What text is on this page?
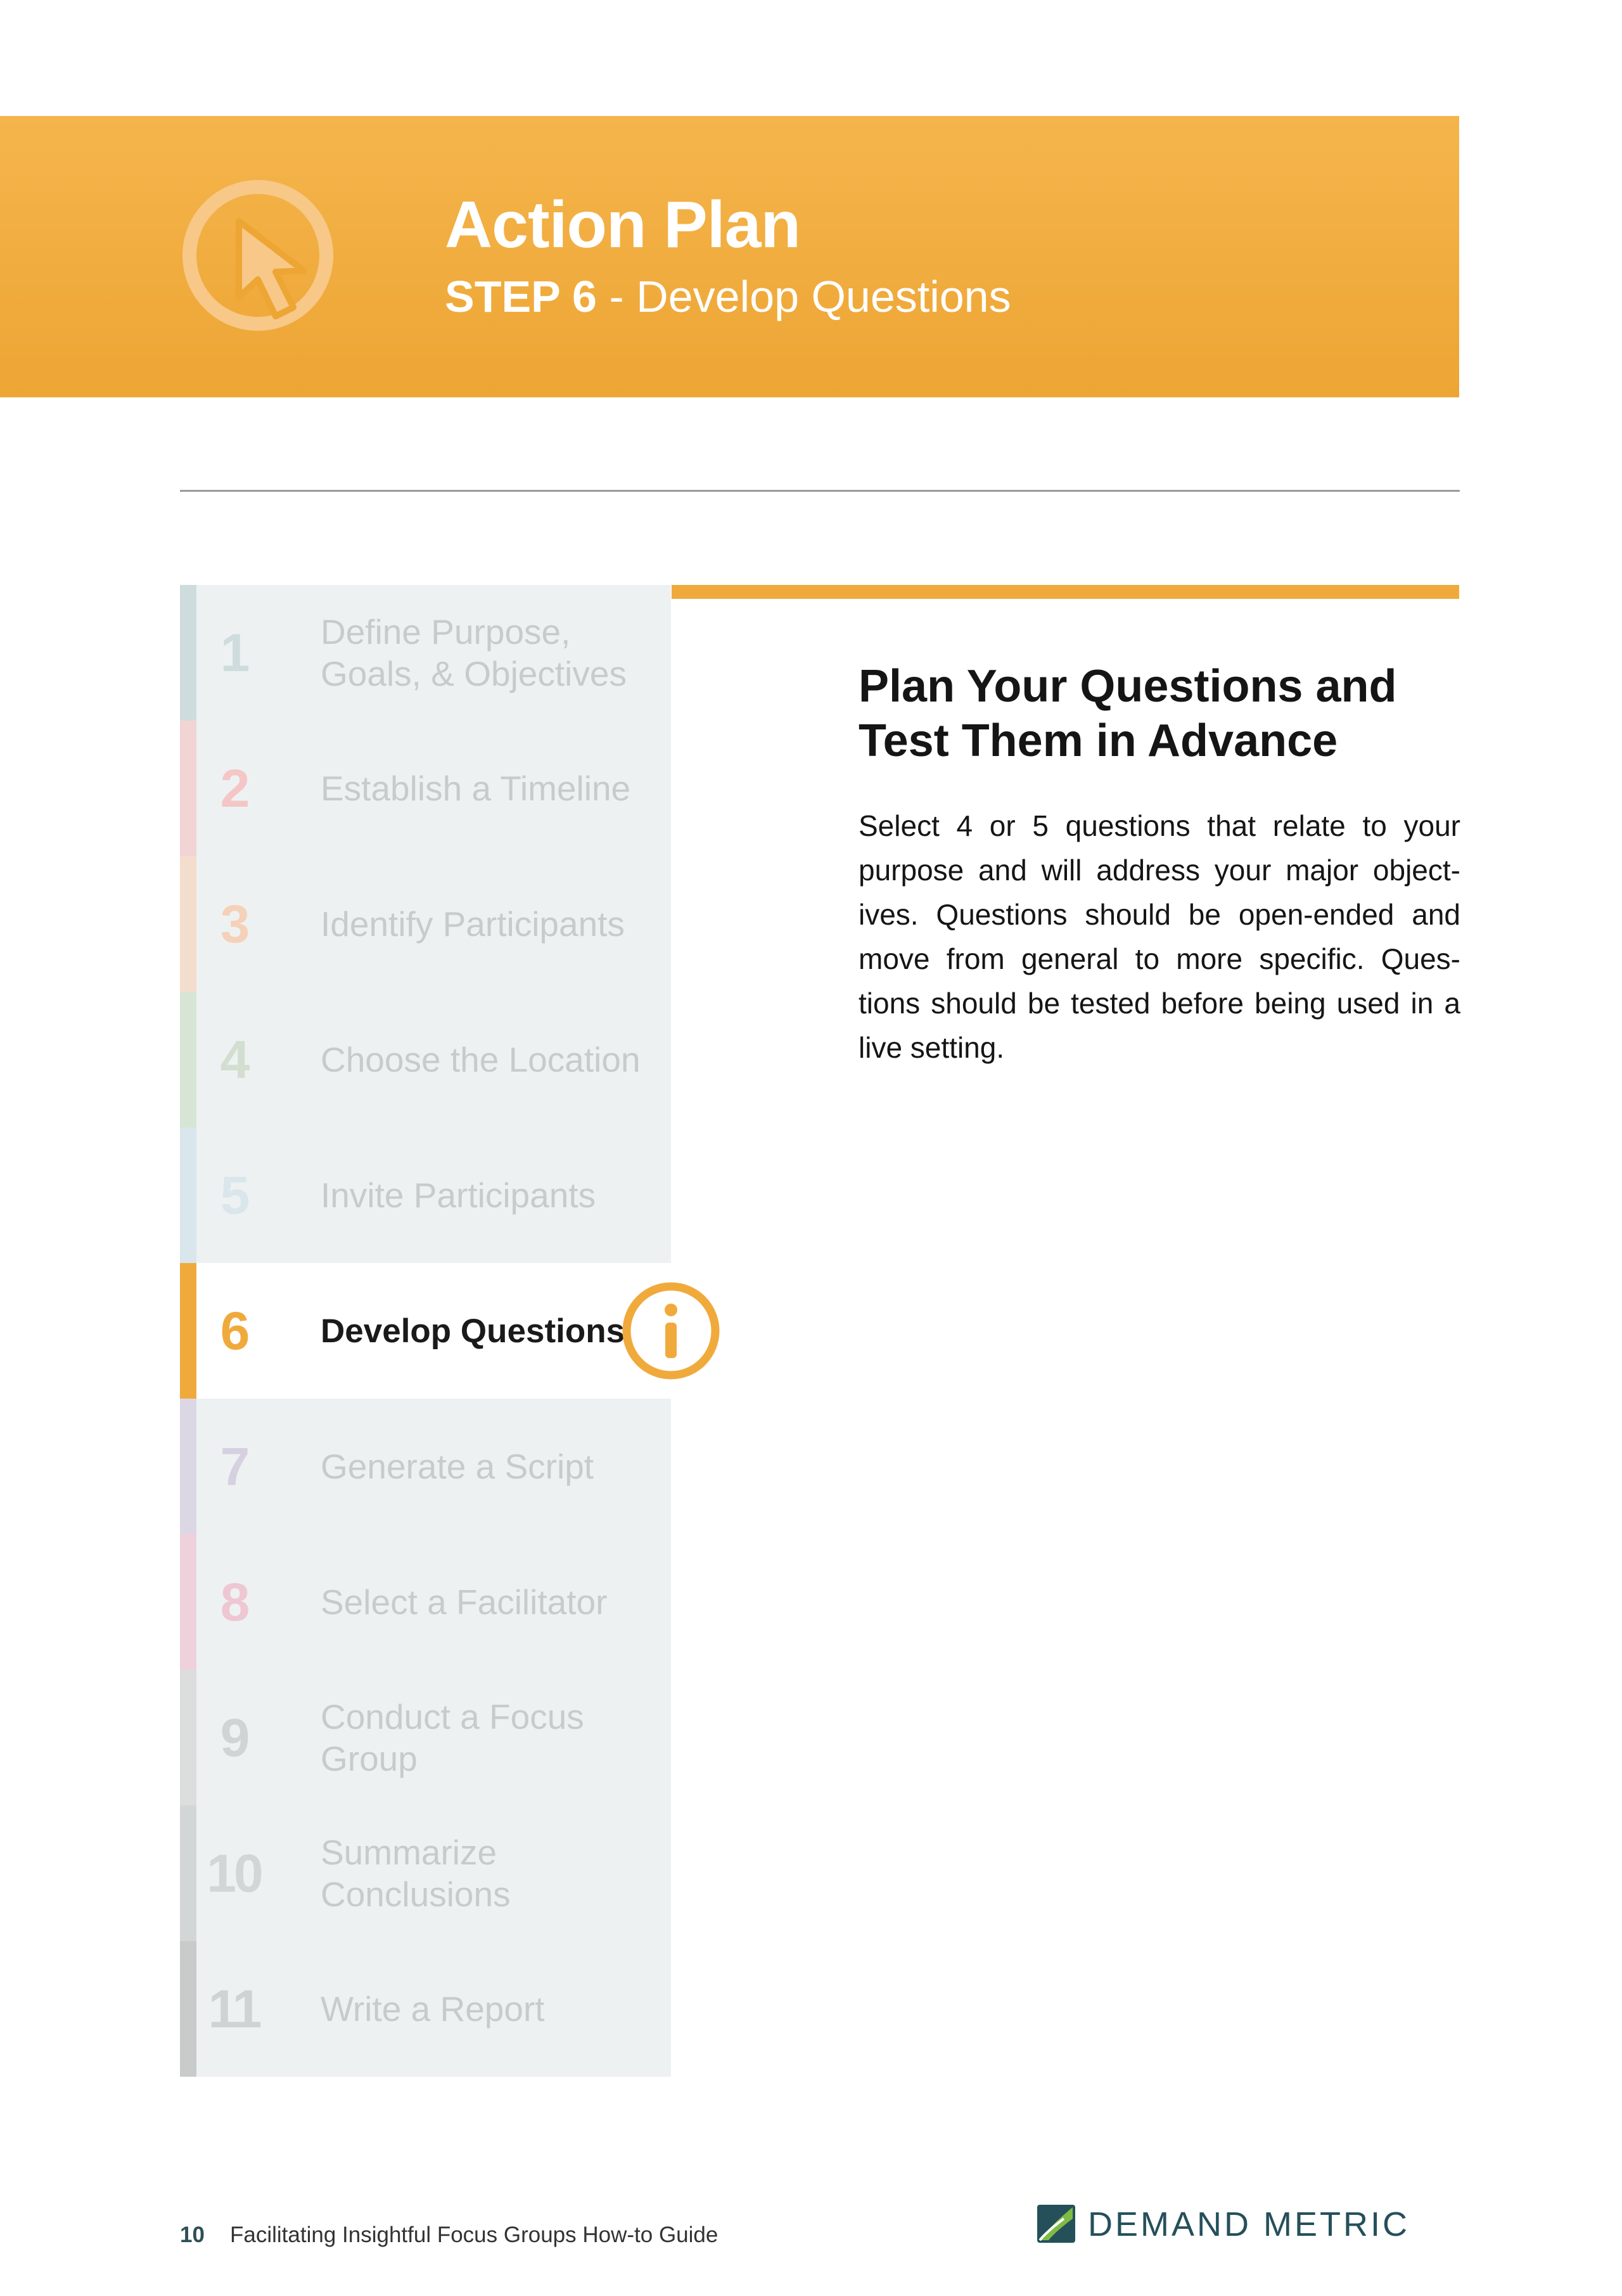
Action Plan
STEP 6 - Develop Questions
1	Define Purpose, Goals, & Objectives
2	Establish a Timeline
3	Identify Participants
4	Choose the Location
5	Invite Participants
6	Develop Questions
7	Generate a Script
8	Select a Facilitator
9	Conduct a Focus Group
10 Summarize Conclusions
11	Write a Report
Plan Your Questions and Test Them in Advance
Select 4 or 5 questions that relate to your purpose and will address your major object-ives. Questions should be open-ended and move from general to more specific. Ques-tions should be tested before being used in a live setting.
10 Facilitating Insightful Focus Groups How-to Guide	DEMAND METRIC
